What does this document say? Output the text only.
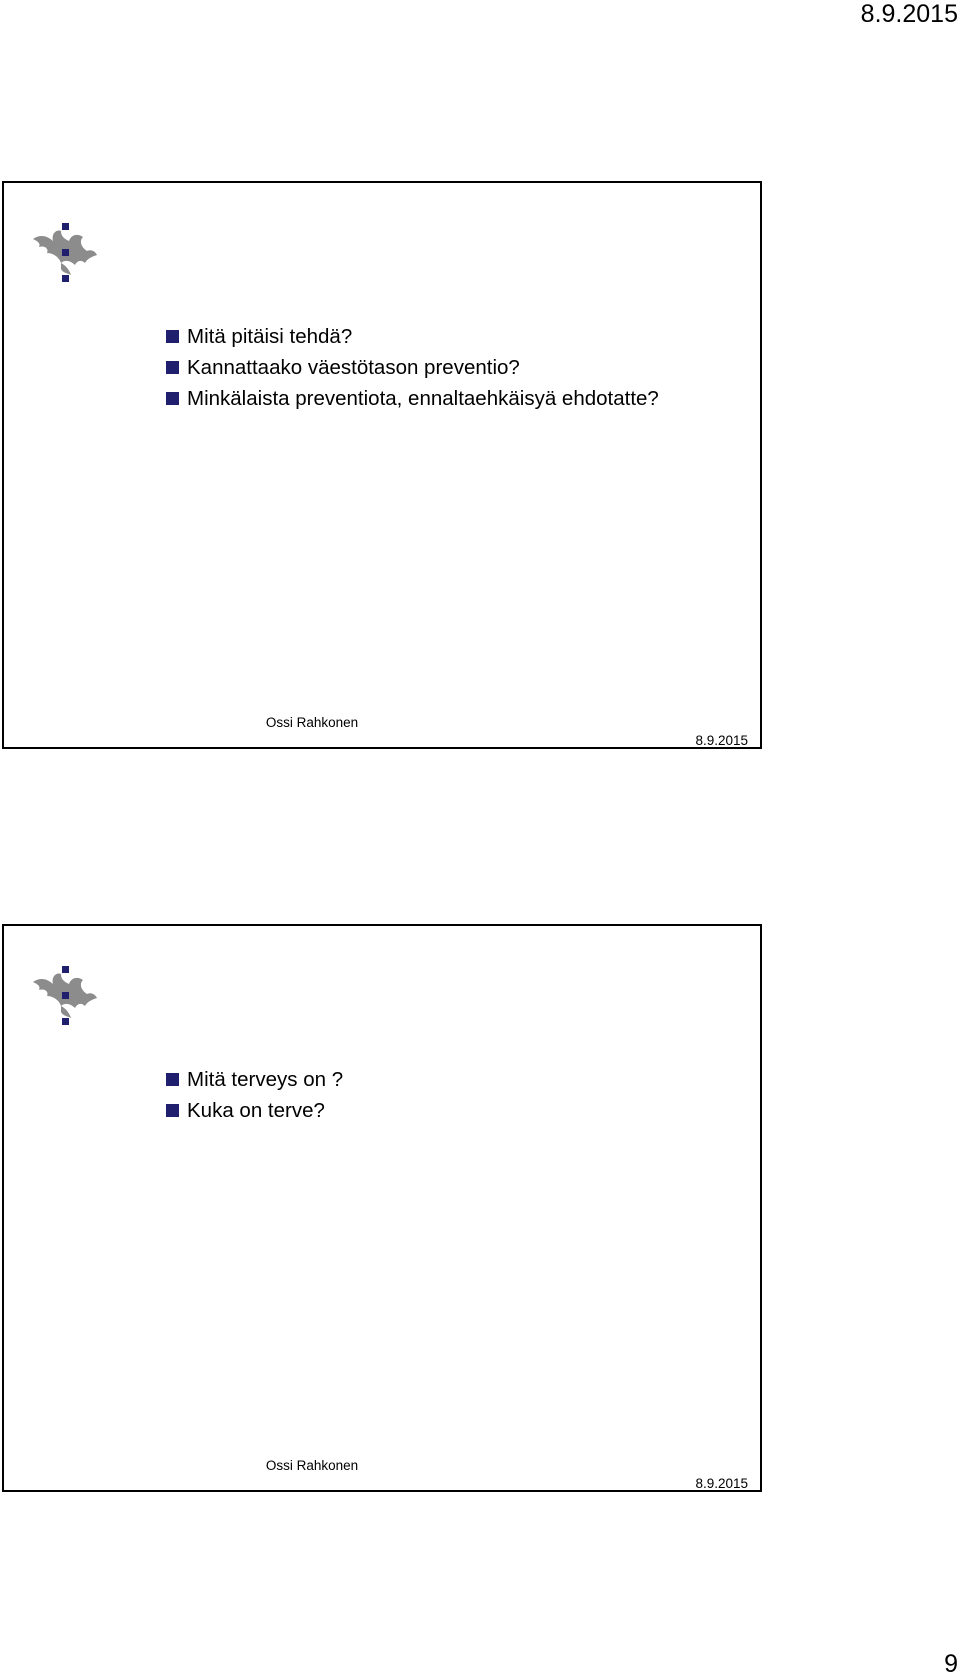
8.9.2015
Mitä pitäisi tehdä?
Kannattaako väestötason preventio?
Minkälaista preventiota, ennaltaehkäisyä ehdotatte?
Ossi Rahkonen
8.9.2015
Mitä terveys on ?
Kuka on terve?
Ossi Rahkonen
8.9.2015
9
